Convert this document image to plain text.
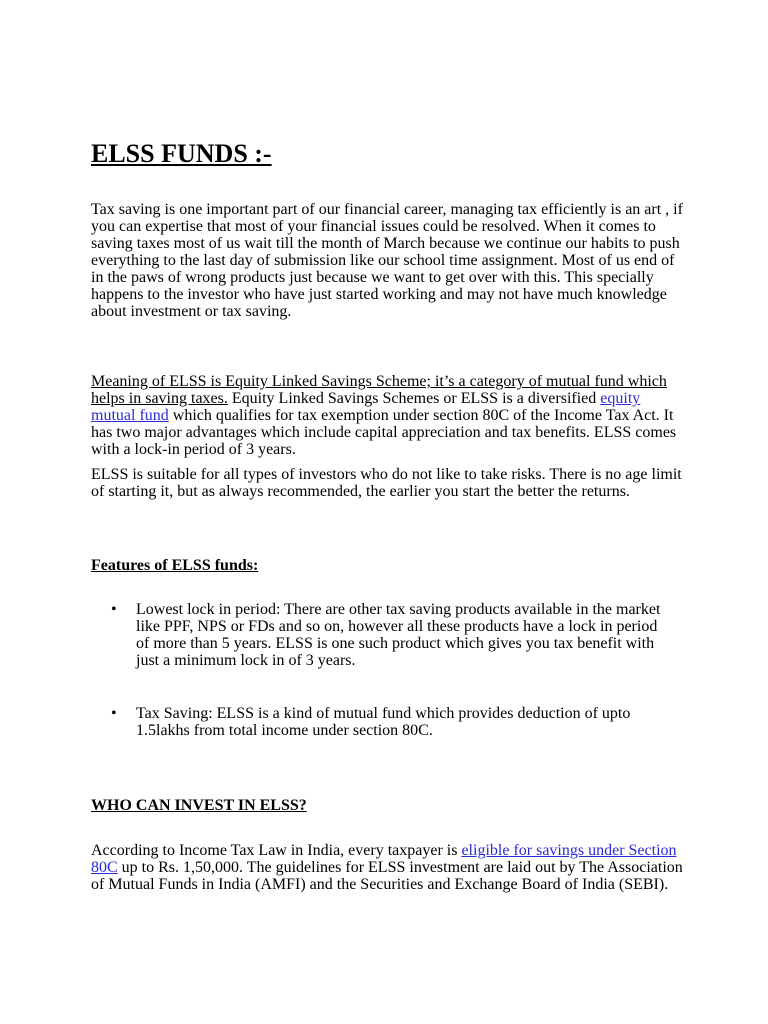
ELSS FUNDS :-

Tax saving is one important part of our financial career, managing tax efficiently is an art , if you can expertise that most of your financial issues could be resolved. When it comes to saving taxes most of us wait till the month of March because we continue our habits to push everything to the last day of submission like our school time assignment. Most of us end of in the paws of wrong products just because we want to get over with this. This specially happens to the investor who have just started working and may not have much knowledge about investment or tax saving.

Meaning of ELSS is Equity Linked Savings Scheme; it’s a category of mutual fund which helps in saving taxes. Equity Linked Savings Schemes or ELSS is a diversified equity mutual fund which qualifies for tax exemption under section 80C of the Income Tax Act. It has two major advantages which include capital appreciation and tax benefits. ELSS comes with a lock-in period of 3 years.

ELSS is suitable for all types of investors who do not like to take risks. There is no age limit of starting it, but as always recommended, the earlier you start the better the returns.

Features of ELSS funds:
• Lowest lock in period: There are other tax saving products available in the market like PPF, NPS or FDs and so on, however all these products have a lock in period of more than 5 years. ELSS is one such product which gives you tax benefit with just a minimum lock in of 3 years.
• Tax Saving: ELSS is a kind of mutual fund which provides deduction of upto 1.5lakhs from total income under section 80C.
WHO CAN INVEST IN ELSS?

According to Income Tax Law in India, every taxpayer is eligible for savings under Section 80C up to Rs. 1,50,000. The guidelines for ELSS investment are laid out by The Association of Mutual Funds in India (AMFI) and the Securities and Exchange Board of India (SEBI).
